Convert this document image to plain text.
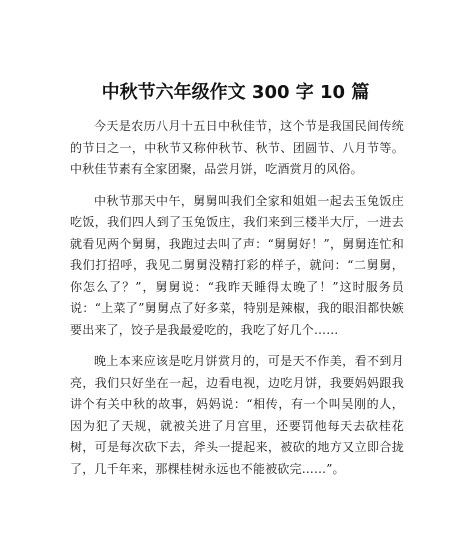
中秋节六年级作文 300 字 10 篇

今天是农历八月十五日中秋佳节，这个节是我国民间传统的节日之一，中秋节又称仲秋节、秋节、团圆节、八月节等。中秋佳节素有全家团聚，品尝月饼，吃酒赏月的风俗。

中秋节那天中午，舅舅叫我们全家和姐姐一起去玉兔饭庄吃饭，我们四人到了玉兔饭庄，我们来到三楼半大厅，一进去就看见两个舅舅，我跑过去叫了声：“舅舅好！”，舅舅连忙和我们打招呼，我见二舅舅没精打彩的样子，就问：“二舅舅，你怎么了？”，舅舅说：“我昨天睡得太晚了！”这时服务员说：“上菜了”舅舅点了好多菜，特别是辣椒，我的眼泪都快嫉要出来了，饺子是我最爱吃的，我吃了好几个……

晚上本来应该是吃月饼赏月的，可是天不作美，看不到月亮，我们只好坐在一起，边看电视，边吃月饼，我要妈妈跟我讲个有关中秋的故事，妈妈说：“相传，有一个叫吴刚的人，因为犯了天规，就被关进了月宫里，还要罚他每天去砍桂花树，可是每次砍下去，斧头一提起来，被砍的地方又立即合拢了，几千年来，那棵桂树永远也不能被砍完……”。
